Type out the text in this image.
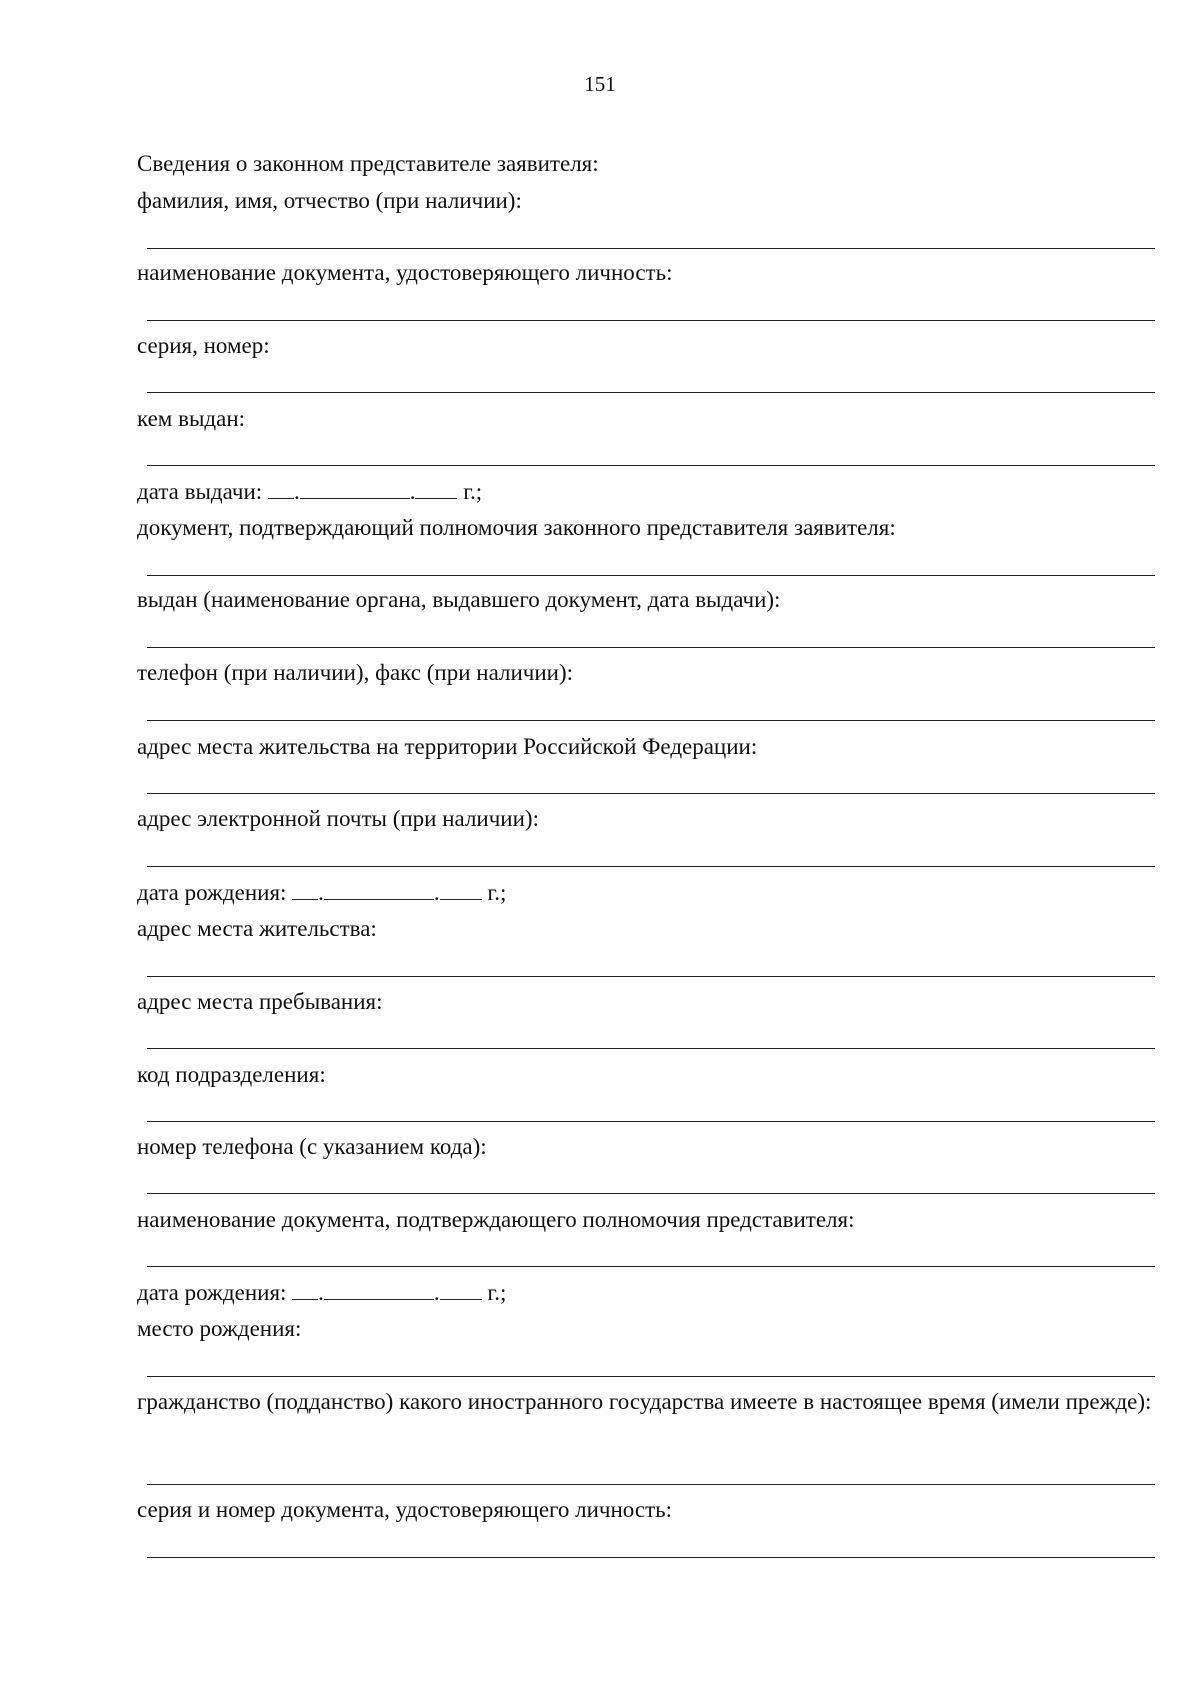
151
Сведения о законном представителе заявителя:
фамилия, имя, отчество (при наличии):
наименование документа, удостоверяющего личность:
серия, номер:
кем выдан:
дата выдачи: .	. г.;
документ, подтверждающий полномочия законного представителя заявителя:
выдан (наименование органа, выдавшего документ, дата выдачи):
телефон (при наличии), факс (при наличии):
адрес места жительства на территории Российской Федерации:
адрес электронной почты (при наличии):
дата рождения: .	. г.;
адрес места жительства:
адрес места пребывания:
код подразделения:
номер телефона (с указанием кода):
наименование документа, подтверждающего полномочия представителя:
дата рождения: .	. г.;
место рождения:
гражданство (подданство) какого иностранного государства имеете в настоящее время (имели прежде):
серия и номер документа, удостоверяющего личность:
